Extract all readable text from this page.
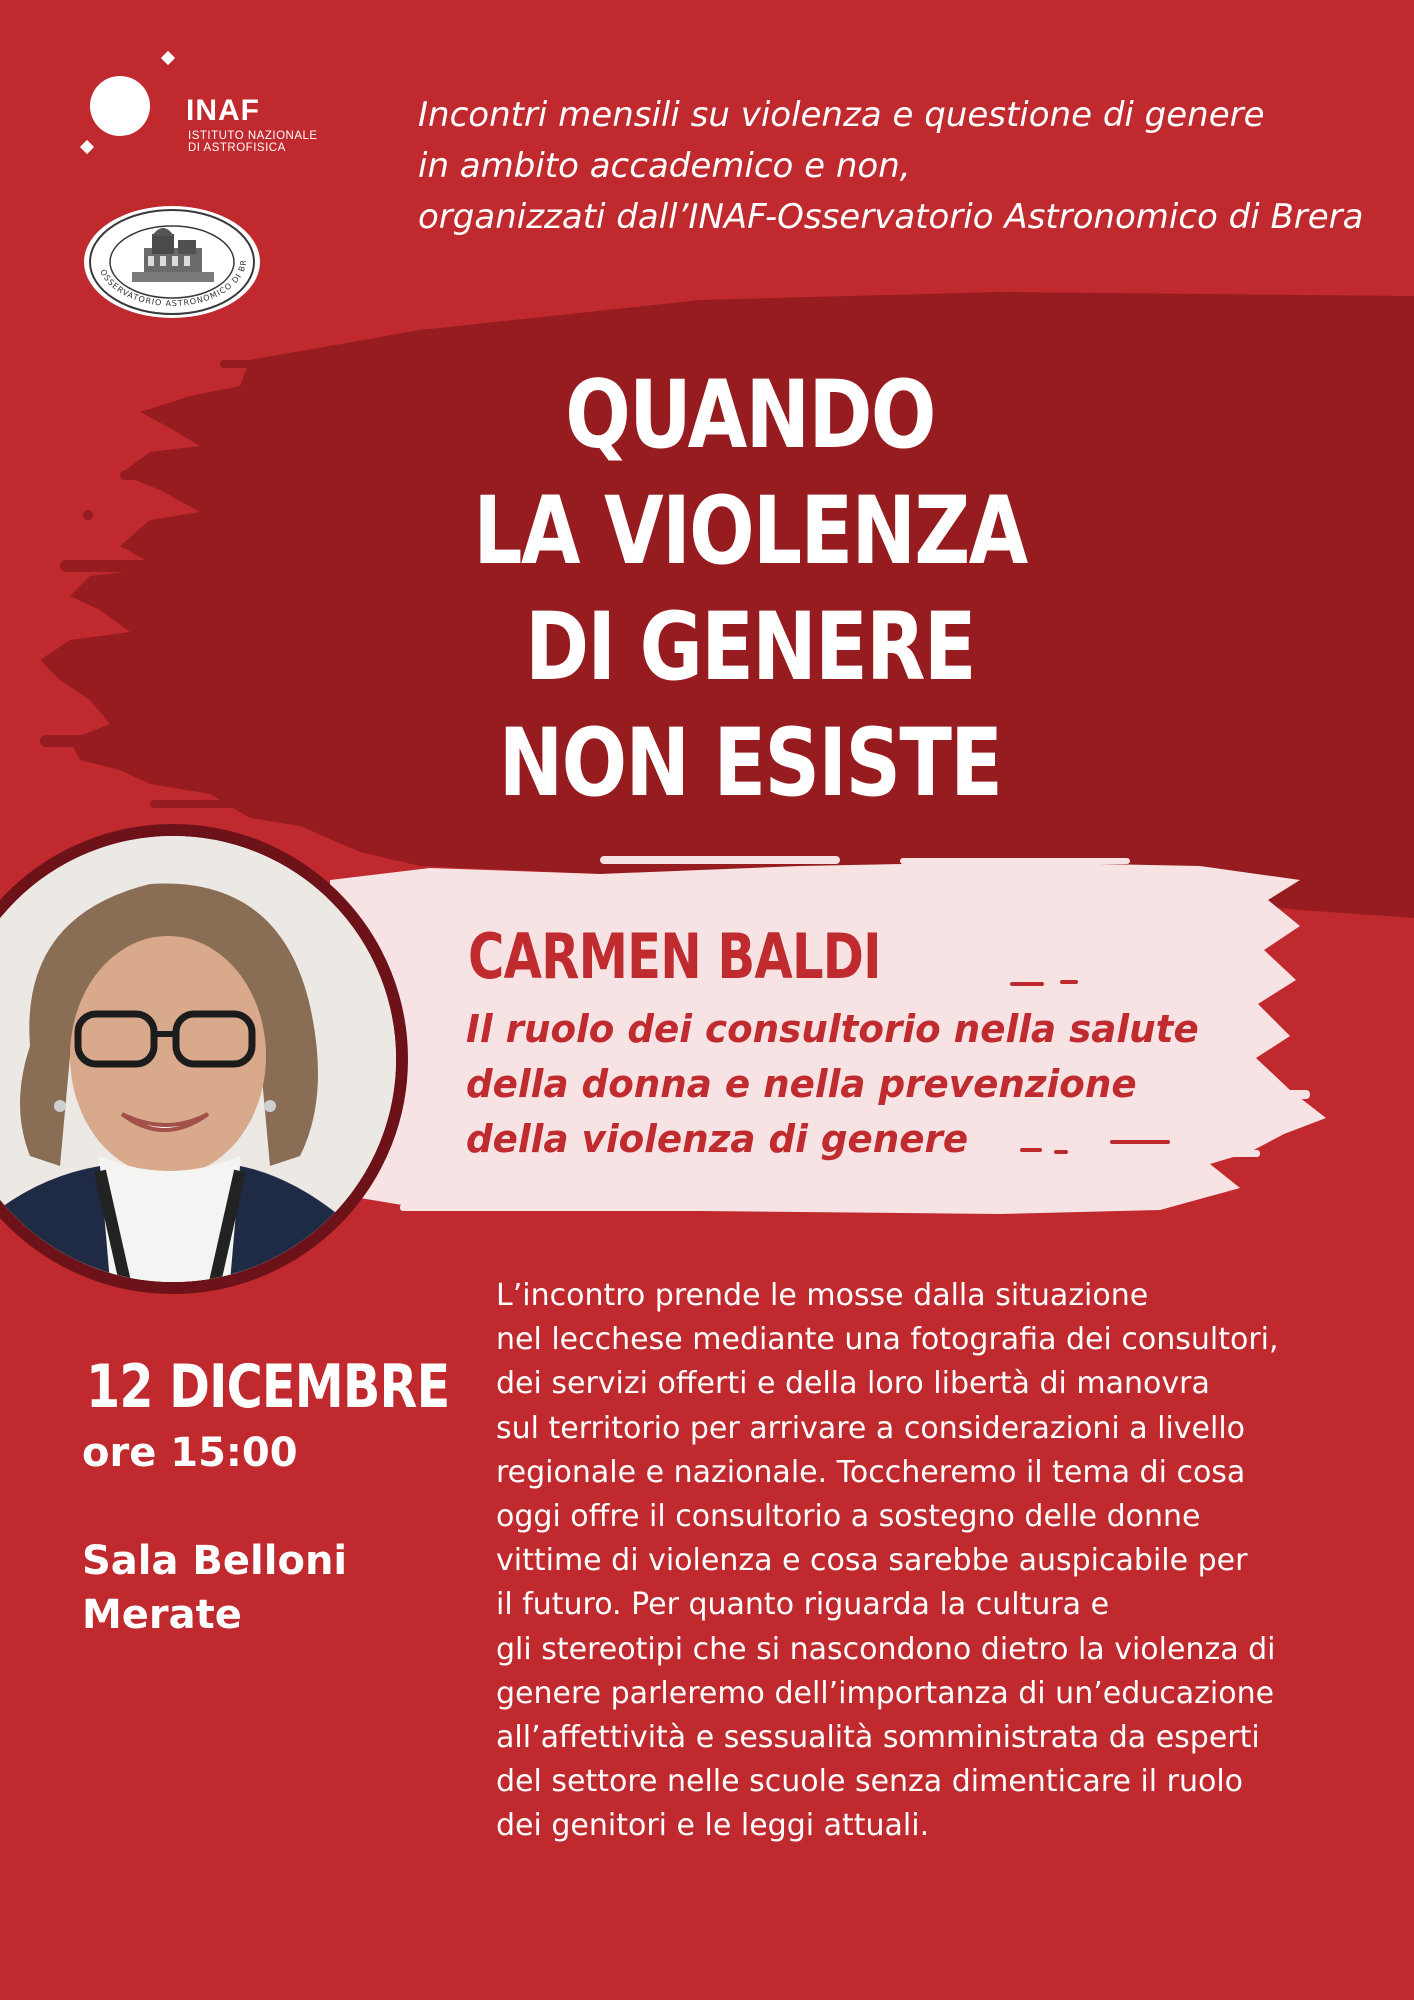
INAF
ISTITUTO NAZIONALE
DI ASTROFISICA
OSSERVATORIO ASTRONOMICO DI BR
Incontri mensili su violenza e questione di genere
in ambito accademico e non,
organizzati dall’INAF-Osservatorio Astronomico di Brera
QUANDO
LA VIOLENZA
DI GENERE
NON ESISTE
CARMEN BALDI
Il ruolo dei consultorio nella salute
della donna e nella prevenzione
della violenza di genere
12 DICEMBRE
ore 15:00
Sala Belloni
Merate
L’incontro prende le mosse dalla situazione
nel lecchese mediante una fotografia dei consultori,
dei servizi offerti e della loro libertà di manovra
sul territorio per arrivare a considerazioni a livello
regionale e nazionale. Toccheremo il tema di cosa
oggi offre il consultorio a sostegno delle donne
vittime di violenza e cosa sarebbe auspicabile per
il futuro. Per quanto riguarda la cultura e
gli stereotipi che si nascondono dietro la violenza di
genere parleremo dell’importanza di un’educazione
all’affettività e sessualità somministrata da esperti
del settore nelle scuole senza dimenticare il ruolo
dei genitori e le leggi attuali.
